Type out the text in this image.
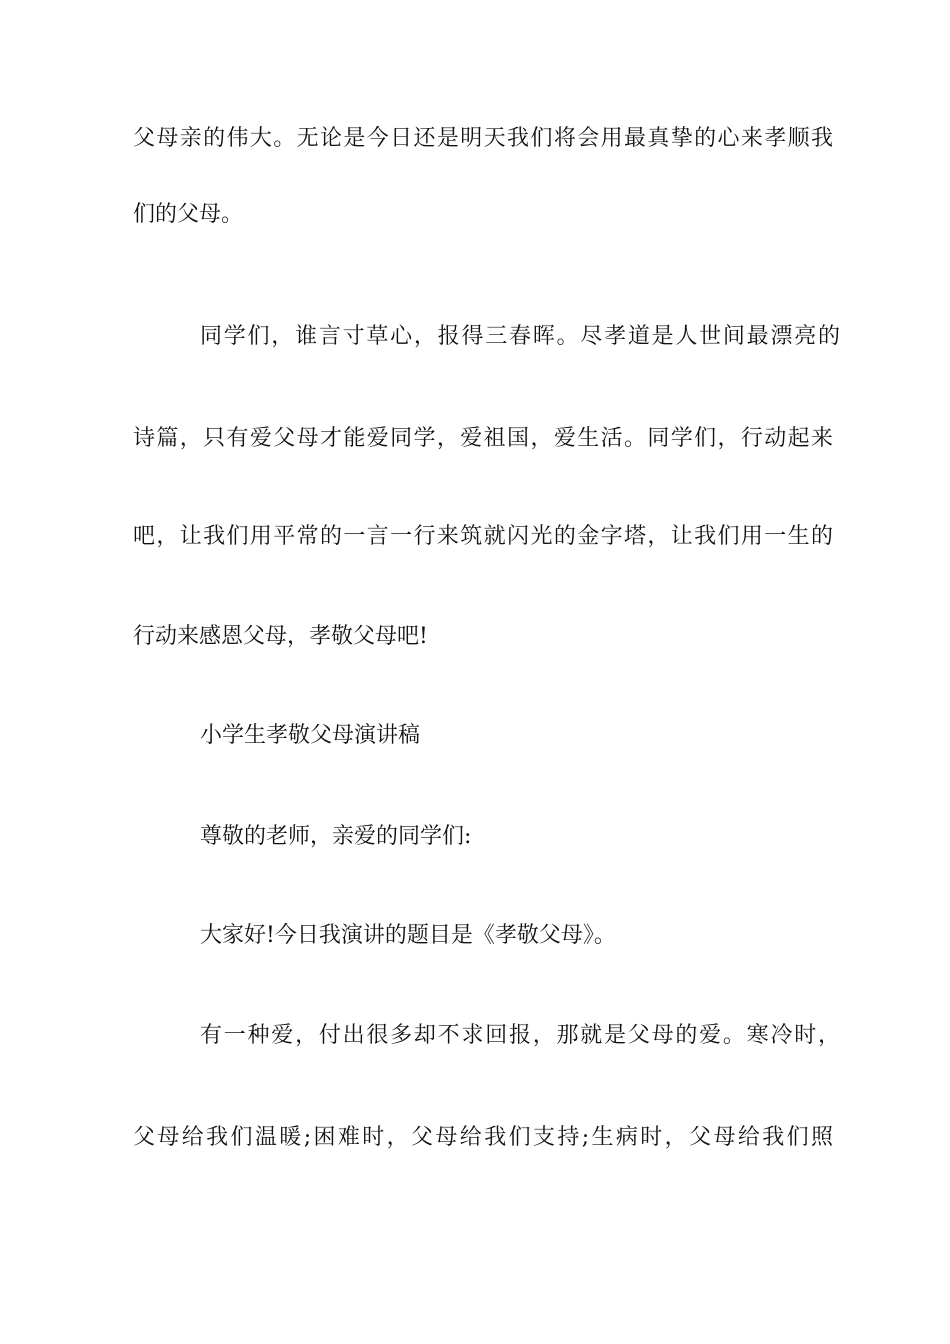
父母亲的伟大。无论是今日还是明天我们将会用最真挚的心来孝顺我
们的父母。
同学们，谁言寸草心，报得三春晖。尽孝道是人世间最漂亮的
诗篇，只有爱父母才能爱同学，爱祖国，爱生活。同学们，行动起来
吧，让我们用平常的一言一行来筑就闪光的金字塔，让我们用一生的
行动来感恩父母，孝敬父母吧!
小学生孝敬父母演讲稿
尊敬的老师，亲爱的同学们:
大家好!今日我演讲的题目是《孝敬父母》。
有一种爱，付出很多却不求回报，那就是父母的爱。寒冷时，
父母给我们温暖;困难时，父母给我们支持;生病时，父母给我们照
